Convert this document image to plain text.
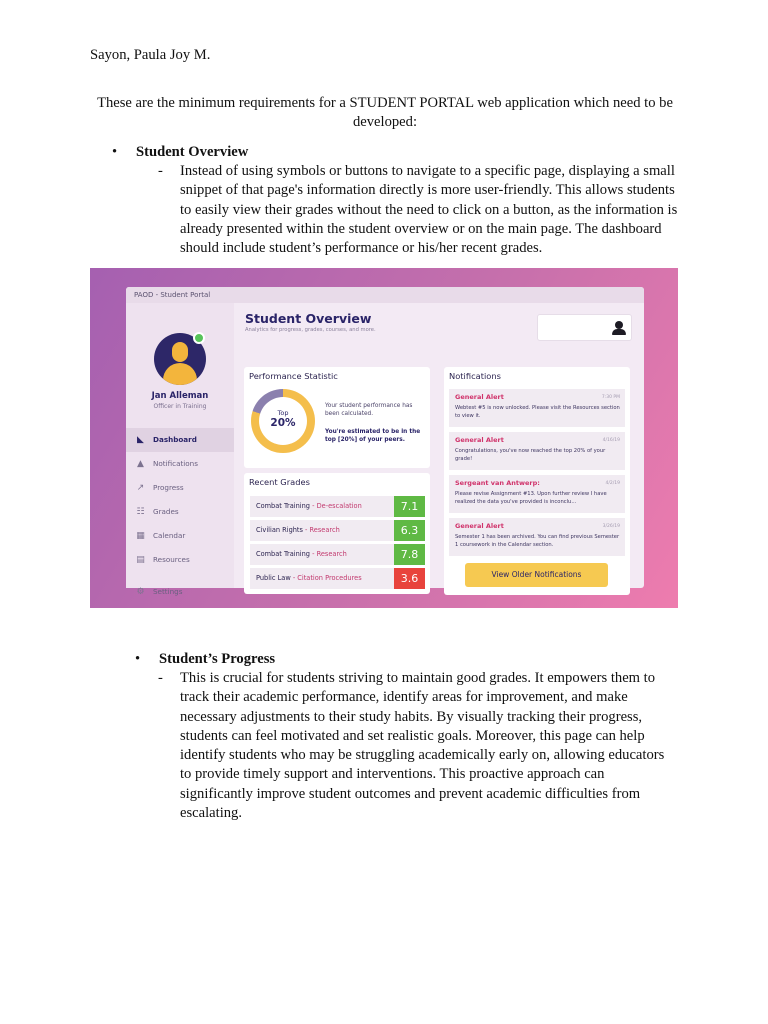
Sayon, Paula Joy M.
These are the minimum requirements for a STUDENT PORTAL web application which need to be developed:
• Student Overview
- Instead of using symbols or buttons to navigate to a specific page, displaying a small snippet of that page's information directly is more user-friendly. This allows students to easily view their grades without the need to click on a button, as the information is already presented within the student overview or on the main page. The dashboard should include student’s performance or his/her recent grades.
PAOD - Student Portal
Jan Alleman
Officer in Training
◣ Dashboard
▲ Notifications
↗ Progress
☷ Grades
▦ Calendar
▤ Resources
⚙ Settings
Student Overview
Analytics for progress, grades, courses, and more.
Performance Statistic
Top
20%
Your student performance has been calculated.
You're estimated to be in the top [20%] of your peers.
Recent Grades
Combat Training - De-escalation	7.1
Civilian Rights - Research	6.3
Combat Training - Research	7.8
Public Law - Citation Procedures	3.6
Notifications
General Alert	7:30 PM
Webtest #5 is now unlocked. Please visit the Resources section to view it.
General Alert	4/16/19
Congratulations, you've now reached the top 20% of your grade!
Sergeant van Antwerp:	4/2/19
Please revise Assignment #13. Upon further review I have realized the data you've provided is inconclu...
General Alert	3/26/19
Semester 1 has been archived. You can find previous Semester 1 coursework in the Calendar section.
View Older Notifications
• Student’s Progress
- This is crucial for students striving to maintain good grades. It empowers them to track their academic performance, identify areas for improvement, and make necessary adjustments to their study habits. By visually tracking their progress, students can feel motivated and set realistic goals. Moreover, this page can help identify students who may be struggling academically early on, allowing educators to provide timely support and interventions. This proactive approach can significantly improve student outcomes and prevent academic difficulties from escalating.
